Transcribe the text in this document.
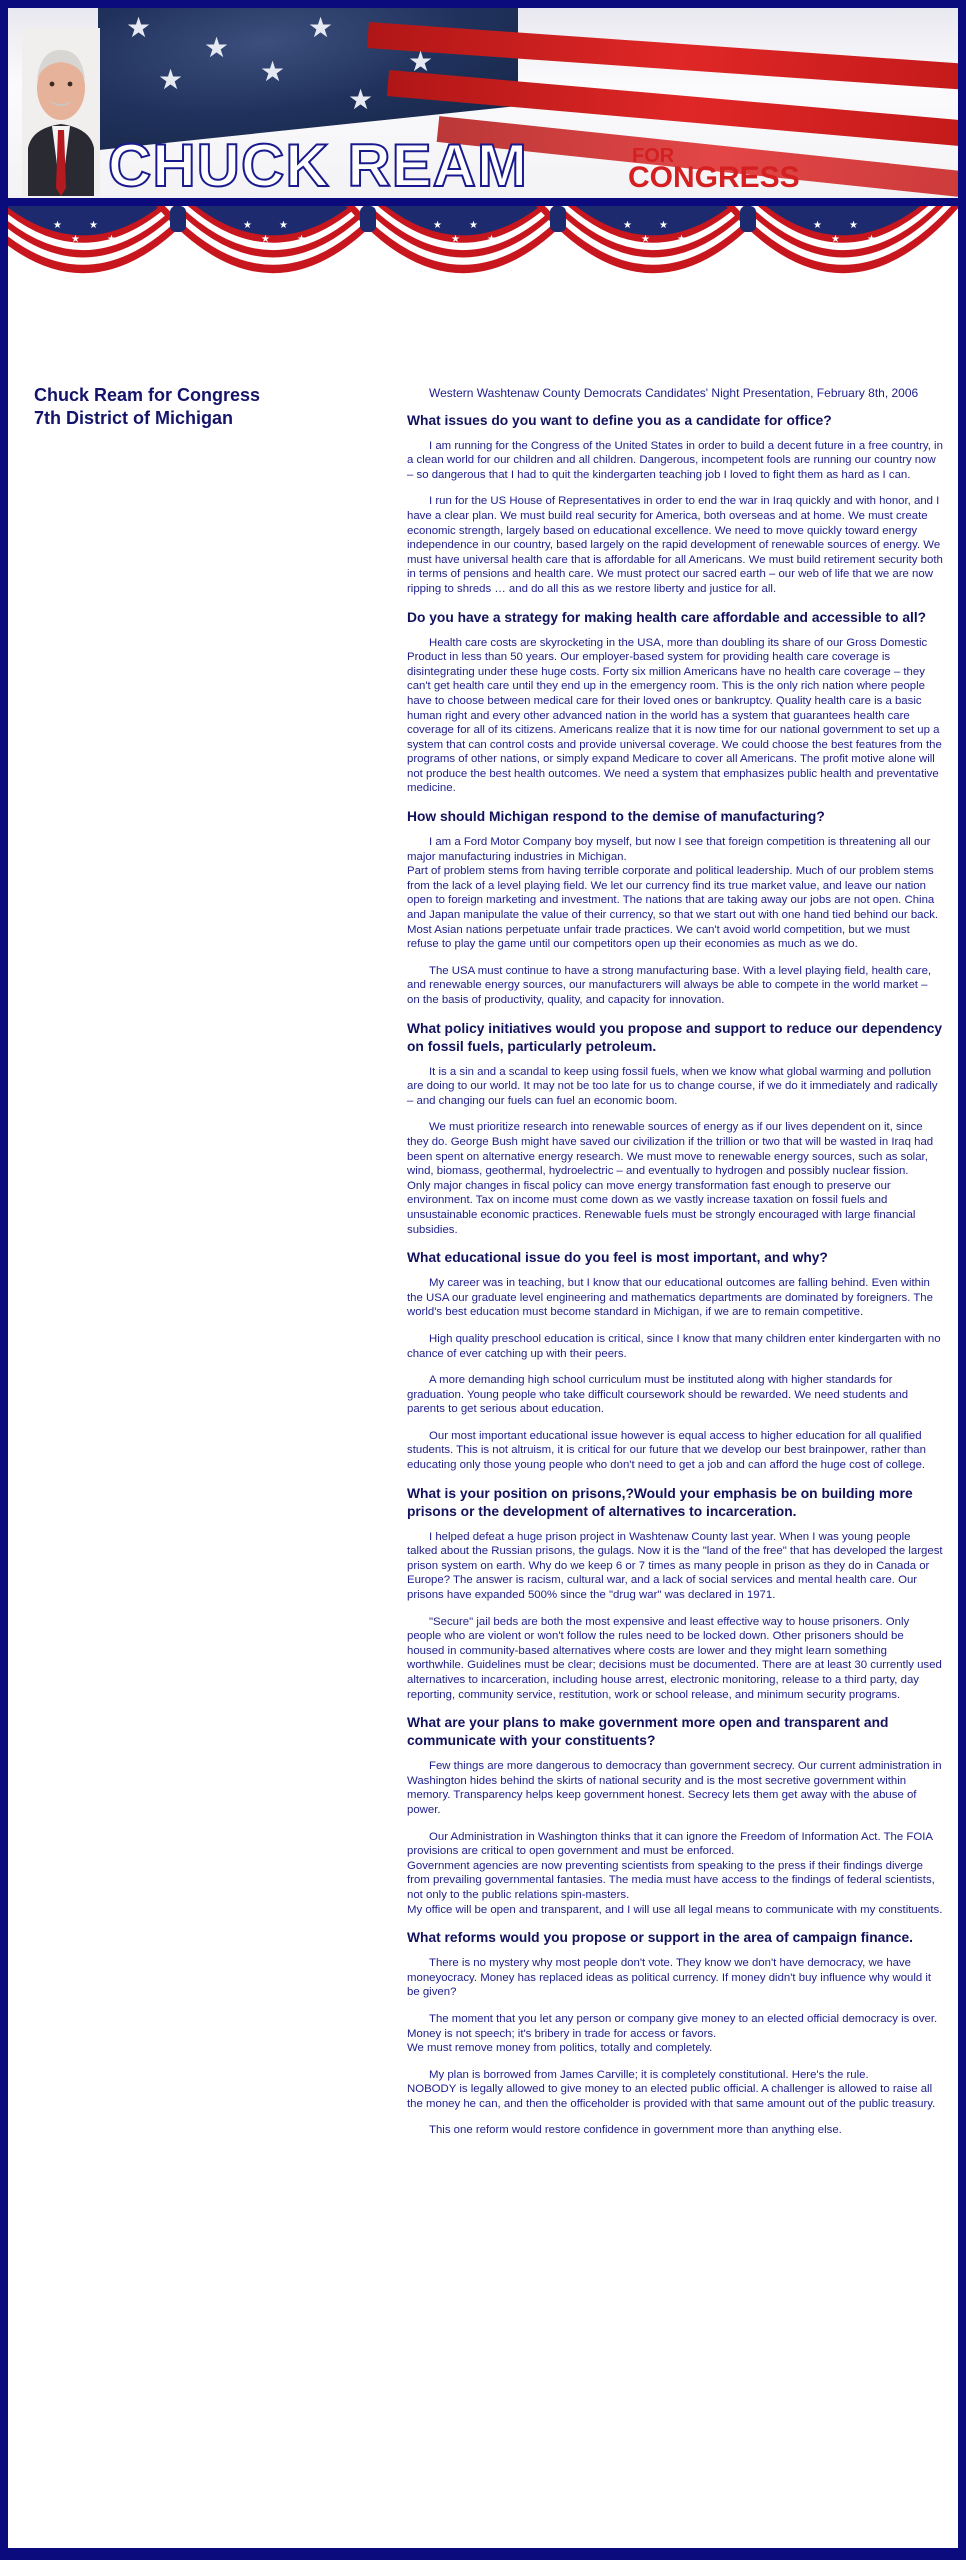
★
★
★
★
★	★
★
CHUCK REAM	FOR
CONGRESS
★
★
★
★
★
★
★
★
★
★
★
★
★
★
★
★
★
★
★
★
Chuck Ream for Congress
7th District of Michigan
Western Washtenaw County Democrats Candidates' Night Presentation, February 8th, 2006
What issues do you want to define you as a candidate for office?

I am running for the Congress of the United States in order to build a decent future in a free country, in a clean world for our children and all children. Dangerous, incompetent fools are running our country now – so dangerous that I had to quit the kindergarten teaching job I loved to fight them as hard as I can.

I run for the US House of Representatives in order to end the war in Iraq quickly and with honor, and I have a clear plan. We must build real security for America, both overseas and at home. We must create economic strength, largely based on educational excellence. We need to move quickly toward energy independence in our country, based largely on the rapid development of renewable sources of energy. We must have universal health care that is affordable for all Americans. We must build retirement security both in terms of pensions and health care. We must protect our sacred earth – our web of life that we are now ripping to shreds … and do all this as we restore liberty and justice for all.

Do you have a strategy for making health care affordable and accessible to all?

Health care costs are skyrocketing in the USA, more than doubling its share of our Gross Domestic Product in less than 50 years. Our employer-based system for providing health care coverage is disintegrating under these huge costs. Forty six million Americans have no health care coverage – they can't get health care until they end up in the emergency room. This is the only rich nation where people have to choose between medical care for their loved ones or bankruptcy. Quality health care is a basic human right and every other advanced nation in the world has a system that guarantees health care coverage for all of its citizens. Americans realize that it is now time for our national government to set up a system that can control costs and provide universal coverage. We could choose the best features from the programs of other nations, or simply expand Medicare to cover all Americans. The profit motive alone will not produce the best health outcomes. We need a system that emphasizes public health and preventative medicine.

How should Michigan respond to the demise of manufacturing?

I am a Ford Motor Company boy myself, but now I see that foreign competition is threatening all our major manufacturing industries in Michigan.
Part of problem stems from having terrible corporate and political leadership. Much of our problem stems from the lack of a level playing field. We let our currency find its true market value, and leave our nation open to foreign marketing and investment. The nations that are taking away our jobs are not open. China and Japan manipulate the value of their currency, so that we start out with one hand tied behind our back. Most Asian nations perpetuate unfair trade practices. We can't avoid world competition, but we must refuse to play the game until our competitors open up their economies as much as we do.

The USA must continue to have a strong manufacturing base. With a level playing field, health care, and renewable energy sources, our manufacturers will always be able to compete in the world market – on the basis of productivity, quality, and capacity for innovation.

What policy initiatives would you propose and support to reduce our dependency on fossil fuels, particularly petroleum.

It is a sin and a scandal to keep using fossil fuels, when we know what global warming and pollution are doing to our world. It may not be too late for us to change course, if we do it immediately and radically – and changing our fuels can fuel an economic boom.

We must prioritize research into renewable sources of energy as if our lives dependent on it, since they do. George Bush might have saved our civilization if the trillion or two that will be wasted in Iraq had been spent on alternative energy research. We must move to renewable energy sources, such as solar, wind, biomass, geothermal, hydroelectric – and eventually to hydrogen and possibly nuclear fission.
Only major changes in fiscal policy can move energy transformation fast enough to preserve our environment. Tax on income must come down as we vastly increase taxation on fossil fuels and unsustainable economic practices. Renewable fuels must be strongly encouraged with large financial subsidies.

What educational issue do you feel is most important, and why?

My career was in teaching, but I know that our educational outcomes are falling behind. Even within the USA our graduate level engineering and mathematics departments are dominated by foreigners. The world's best education must become standard in Michigan, if we are to remain competitive.

High quality preschool education is critical, since I know that many children enter kindergarten with no chance of ever catching up with their peers.

A more demanding high school curriculum must be instituted along with higher standards for graduation. Young people who take difficult coursework should be rewarded. We need students and parents to get serious about education.

Our most important educational issue however is equal access to higher education for all qualified students. This is not altruism, it is critical for our future that we develop our best brainpower, rather than educating only those young people who don't need to get a job and can afford the huge cost of college.

What is your position on prisons,?Would your emphasis be on building more prisons or the development of alternatives to incarceration.

I helped defeat a huge prison project in Washtenaw County last year. When I was young people talked about the Russian prisons, the gulags. Now it is the "land of the free" that has developed the largest prison system on earth. Why do we keep 6 or 7 times as many people in prison as they do in Canada or Europe? The answer is racism, cultural war, and a lack of social services and mental health care. Our prisons have expanded 500% since the "drug war" was declared in 1971.

"Secure" jail beds are both the most expensive and least effective way to house prisoners. Only people who are violent or won't follow the rules need to be locked down. Other prisoners should be housed in community-based alternatives where costs are lower and they might learn something worthwhile. Guidelines must be clear; decisions must be documented. There are at least 30 currently used alternatives to incarceration, including house arrest, electronic monitoring, release to a third party, day reporting, community service, restitution, work or school release, and minimum security programs.

What are your plans to make government more open and transparent and communicate with your constituents?

Few things are more dangerous to democracy than government secrecy. Our current administration in Washington hides behind the skirts of national security and is the most secretive government within memory. Transparency helps keep government honest. Secrecy lets them get away with the abuse of power.

Our Administration in Washington thinks that it can ignore the Freedom of Information Act. The FOIA provisions are critical to open government and must be enforced.
Government agencies are now preventing scientists from speaking to the press if their findings diverge from prevailing governmental fantasies. The media must have access to the findings of federal scientists, not only to the public relations spin-masters.
My office will be open and transparent, and I will use all legal means to communicate with my constituents.

What reforms would you propose or support in the area of campaign finance.

There is no mystery why most people don't vote. They know we don't have democracy, we have moneyocracy. Money has replaced ideas as political currency. If money didn't buy influence why would it be given?

The moment that you let any person or company give money to an elected official democracy is over. Money is not speech; it's bribery in trade for access or favors.
We must remove money from politics, totally and completely.

My plan is borrowed from James Carville; it is completely constitutional. Here's the rule.
NOBODY is legally allowed to give money to an elected public official. A challenger is allowed to raise all the money he can, and then the officeholder is provided with that same amount out of the public treasury.

This one reform would restore confidence in government more than anything else.
